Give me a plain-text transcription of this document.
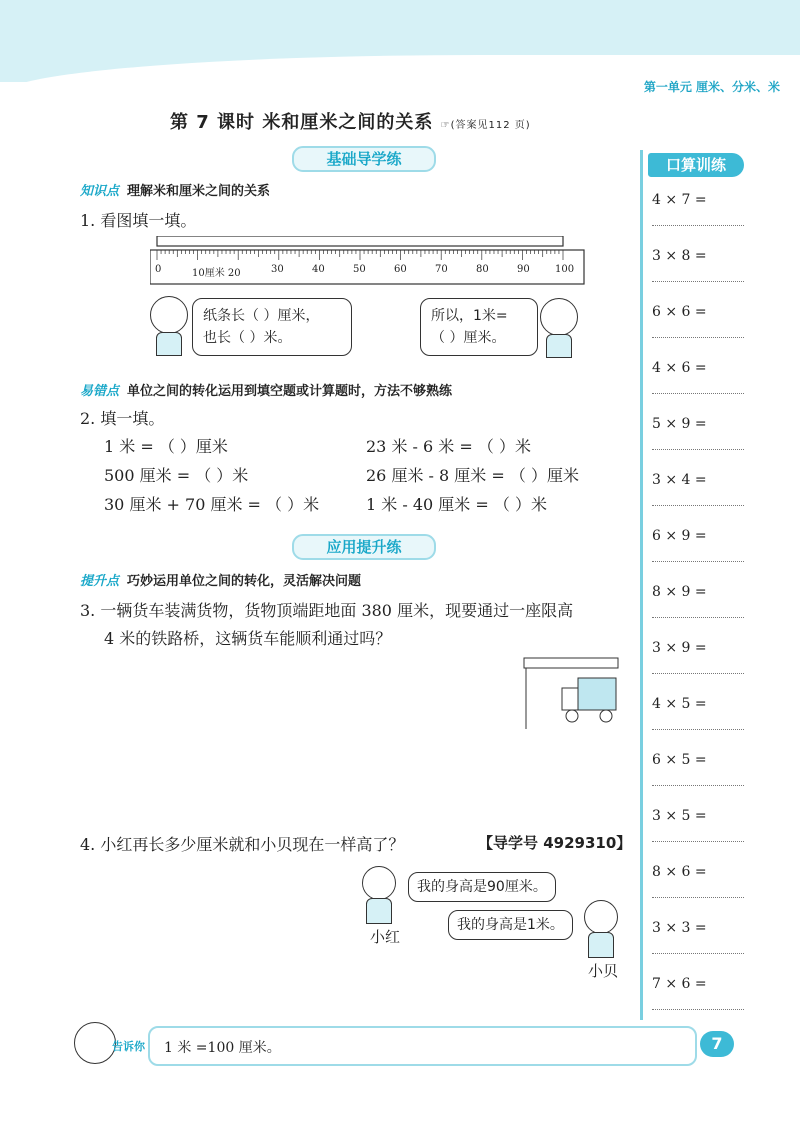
第一单元 厘米、分米、米
第 7 课时 米和厘米之间的关系 ☞(答案见112 页)
基础导学练
知识点 理解米和厘米之间的关系
1. 看图填一填。
0	10厘米 20	30	40	50	60	70	80	90	100
纸条长（ ）厘米，
也长（ ）米。
所以，1米=
（ ）厘米。
易错点 单位之间的转化运用到填空题或计算题时，方法不够熟练
2. 填一填。
1 米 = （ ）厘米	23 米 - 6 米 = （ ）米
500 厘米 = （ ）米	26 厘米 - 8 厘米 = （ ）厘米
30 厘米 + 70 厘米 = （ ）米	1 米 - 40 厘米 = （ ）米
应用提升练
提升点 巧妙运用单位之间的转化，灵活解决问题
3. 一辆货车装满货物，货物顶端距地面 380 厘米，现要通过一座限高
4 米的铁路桥，这辆货车能顺利通过吗？
4. 小红再长多少厘米就和小贝现在一样高了？	【导学号 4929310】
我的身高是90厘米。
我的身高是1米。
小红
小贝
口算训练
4 × 7 =
3 × 8 =
6 × 6 =
4 × 6 =
5 × 9 =
3 × 4 =
6 × 9 =
8 × 9 =
3 × 9 =
4 × 5 =
6 × 5 =
3 × 5 =
8 × 6 =
3 × 3 =
7 × 6 =
告诉你 1 米 =100 厘米。	7
